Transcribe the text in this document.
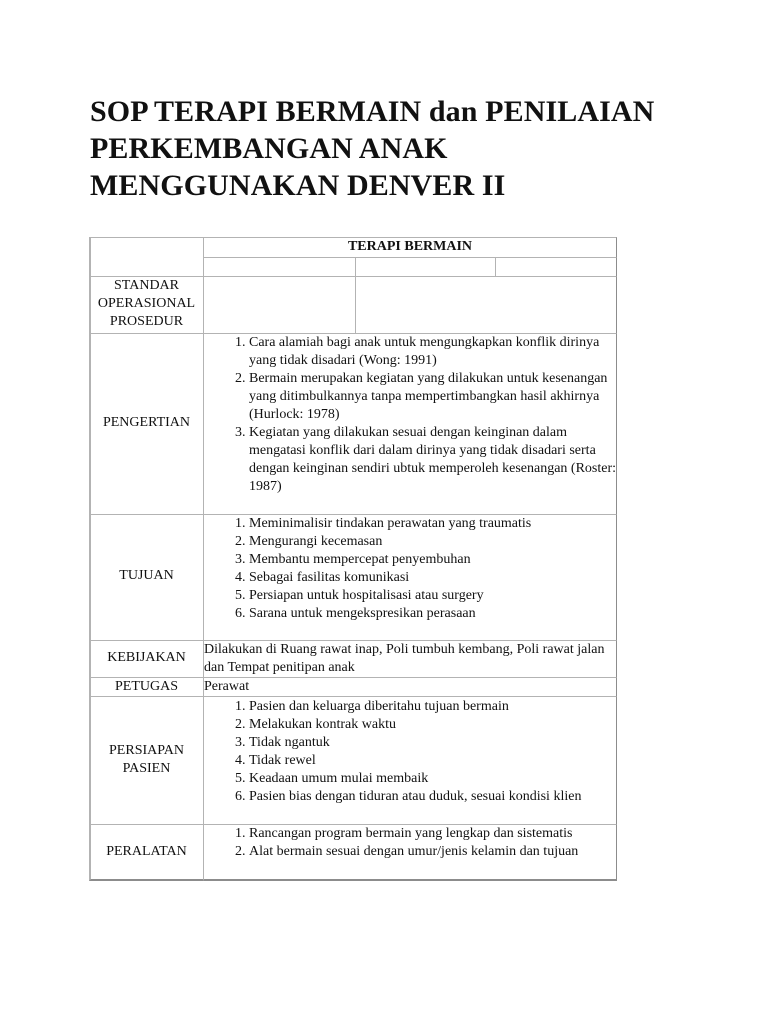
SOP TERAPI BERMAIN dan PENILAIAN
PERKEMBANGAN ANAK
MENGGUNAKAN DENVER II
TERAPI BERMAIN
STANDAR
OPERASIONAL
PROSEDUR
PENGERTIAN
1. Cara alamiah bagi anak untuk mengungkapkan konflik dirinya yang tidak disadari (Wong: 1991)
2. Bermain merupakan kegiatan yang dilakukan untuk kesenangan yang ditimbulkannya tanpa mempertimbangkan hasil akhirnya (Hurlock: 1978)
3. Kegiatan yang dilakukan sesuai dengan keinginan dalam mengatasi konflik dari dalam dirinya yang tidak disadari serta dengan keinginan sendiri ubtuk memperoleh kesenangan (Roster: 1987)
TUJUAN
1. Meminimalisir tindakan perawatan yang traumatis
2. Mengurangi kecemasan
3. Membantu mempercepat penyembuhan
4. Sebagai fasilitas komunikasi
5. Persiapan untuk hospitalisasi atau surgery
6. Sarana untuk mengekspresikan perasaan
KEBIJAKAN

Dilakukan di Ruang rawat inap, Poli tumbuh kembang, Poli rawat jalan dan Tempat penitipan anak

PETUGAS	Perawat

PERSIAPAN
PASIEN
1. Pasien dan keluarga diberitahu tujuan bermain
2. Melakukan kontrak waktu
3. Tidak ngantuk
4. Tidak rewel
5. Keadaan umum mulai membaik
6. Pasien bias dengan tiduran atau duduk, sesuai kondisi klien
PERALATAN
1. Rancangan program bermain yang lengkap dan sistematis
2. Alat bermain sesuai dengan umur/jenis kelamin dan tujuan
